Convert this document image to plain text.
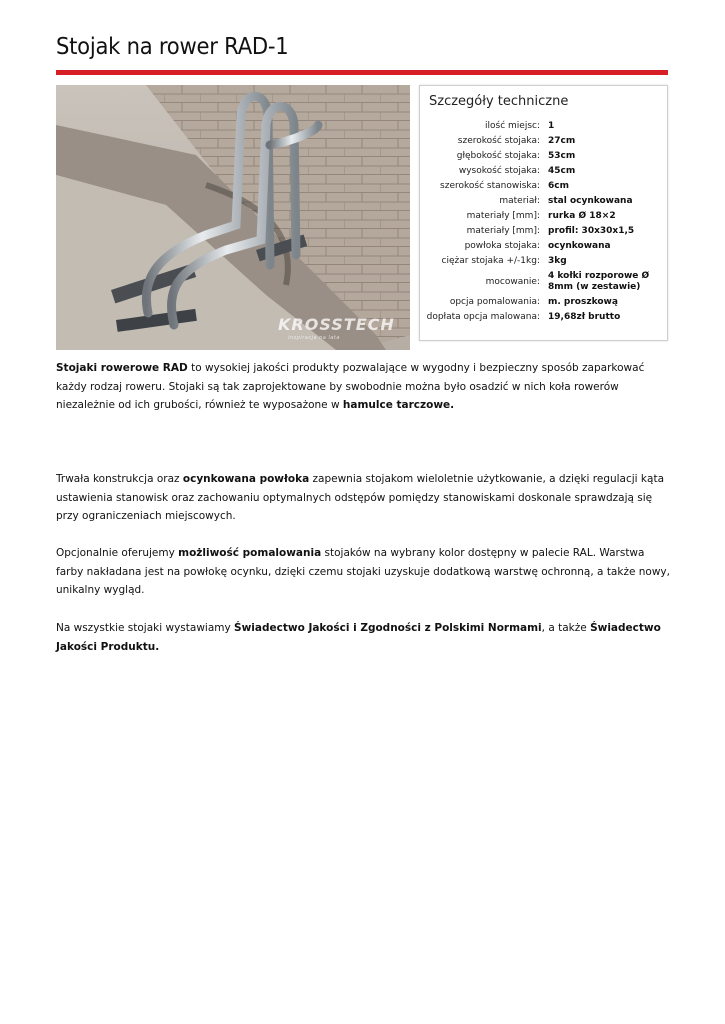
Stojak na rower RAD-1
KROSSTECH
inspiracja na lata
Szczegóły techniczne
ilość miejsc:	1
szerokość stojaka:	27cm
głębokość stojaka:	53cm
wysokość stojaka:	45cm
szerokość stanowiska:	6cm
materiał:	stal ocynkowana
materiały [mm]:	rurka Ø 18×2
materiały [mm]:	profil: 30x30x1,5
powłoka stojaka:	ocynkowana
ciężar stojaka +/-1kg:	3kg
mocowanie:	4 kołki rozporowe Ø 8mm (w zestawie)
opcja pomalowania:	m. proszkową
dopłata opcja malowana:	19,68zł brutto
Stojaki rowerowe RAD to wysokiej jakości produkty pozwalające w wygodny i bezpieczny sposób zaparkować każdy rodzaj roweru. Stojaki są tak zaprojektowane by swobodnie można było osadzić w nich koła rowerów niezależnie od ich grubości, również te wyposażone w hamulce tarczowe.
Trwała konstrukcja oraz ocynkowana powłoka zapewnia stojakom wieloletnie użytkowanie, a dzięki regulacji kąta ustawienia stanowisk oraz zachowaniu optymalnych odstępów pomiędzy stanowiskami doskonale sprawdzają się przy ograniczeniach miejscowych.
Opcjonalnie oferujemy możliwość pomalowania stojaków na wybrany kolor dostępny w palecie RAL. Warstwa farby nakładana jest na powłokę ocynku, dzięki czemu stojaki uzyskuje dodatkową warstwę ochronną, a także nowy, unikalny wygląd.
Na wszystkie stojaki wystawiamy Świadectwo Jakości i Zgodności z Polskimi Normami, a także Świadectwo Jakości Produktu.
